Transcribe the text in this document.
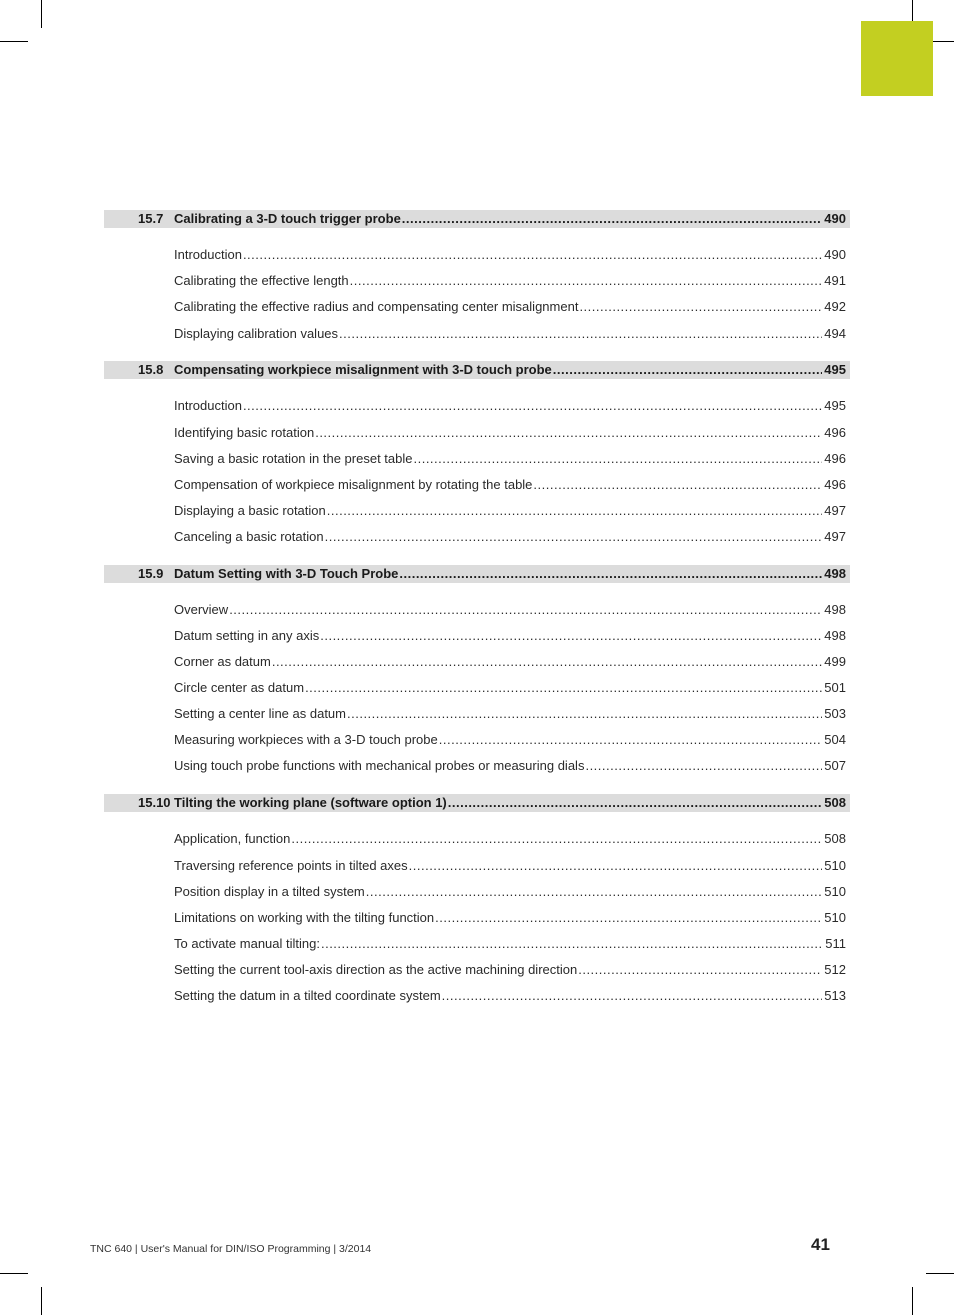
15.7 Calibrating a 3-D touch trigger probe .....	490
Introduction .....	490
Calibrating the effective length .....	491
Calibrating the effective radius and compensating center misalignment .....	492
Displaying calibration values .....	494
15.8 Compensating workpiece misalignment with 3-D touch probe .....	495
Introduction .....	495
Identifying basic rotation .....	496
Saving a basic rotation in the preset table .....	496
Compensation of workpiece misalignment by rotating the table .....	496
Displaying a basic rotation .....	497
Canceling a basic rotation .....	497
15.9 Datum Setting with 3-D Touch Probe .....	498
Overview .....	498
Datum setting in any axis .....	498
Corner as datum .....	499
Circle center as datum .....	501
Setting a center line as datum .....	503
Measuring workpieces with a 3-D touch probe .....	504
Using touch probe functions with mechanical probes or measuring dials .....	507
15.10 Tilting the working plane (software option 1) .....	508
Application, function .....	508
Traversing reference points in tilted axes .....	510
Position display in a tilted system .....	510
Limitations on working with the tilting function .....	510
To activate manual tilting: .....	511
Setting the current tool-axis direction as the active machining direction .....	512
Setting the datum in a tilted coordinate system .....	513
TNC 640 | User's Manual for DIN/ISO Programming | 3/2014	41
